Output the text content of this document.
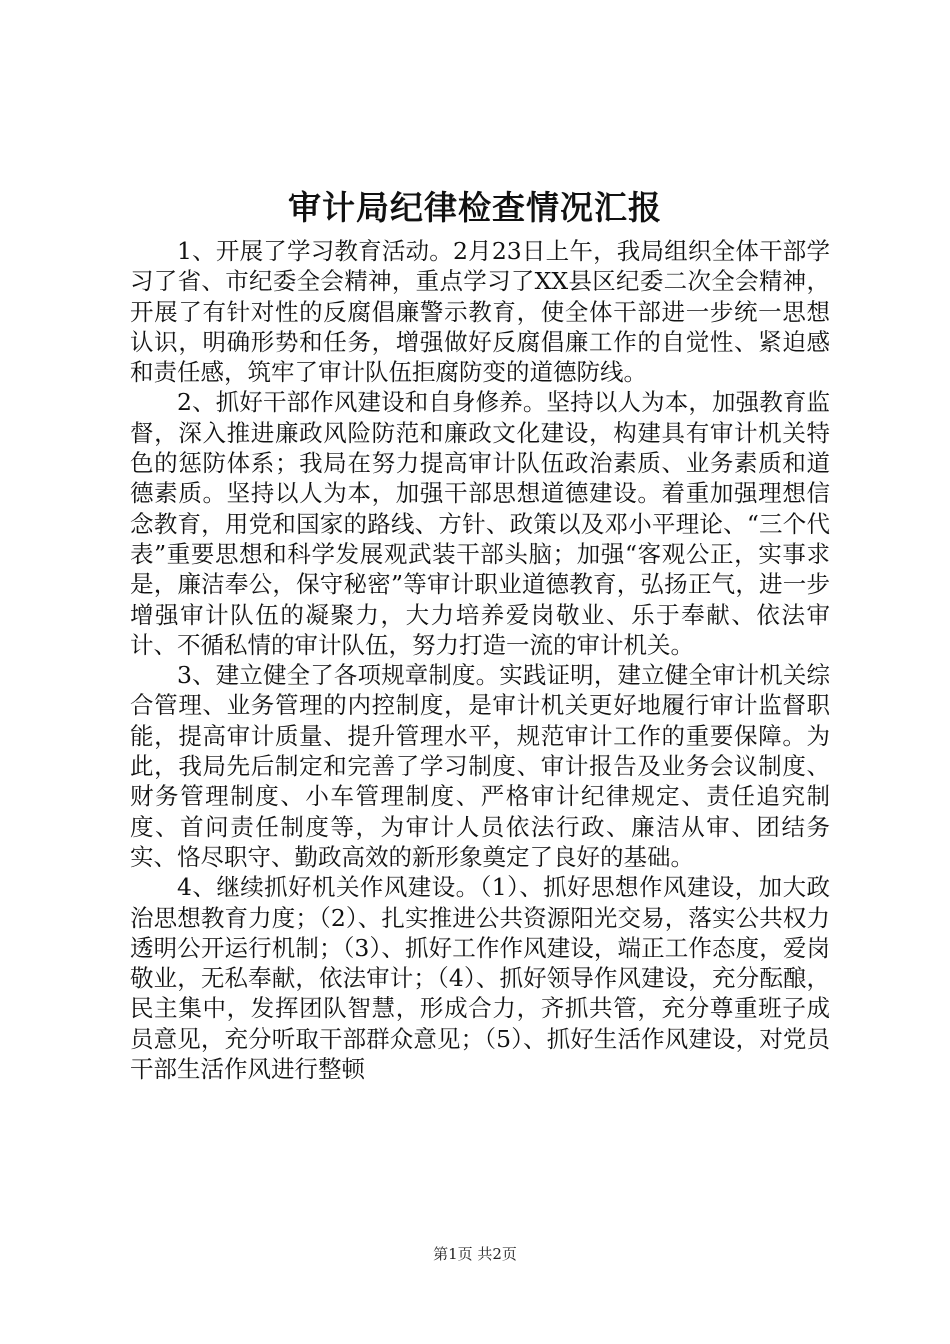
审计局纪律检查情况汇报

1、开展了学习教育活动。2月23日上午，我局组织全体干部学习了省、市纪委全会精神，重点学习了XX县区纪委二次全会精神，开展了有针对性的反腐倡廉警示教育，使全体干部进一步统一思想认识，明确形势和任务，增强做好反腐倡廉工作的自觉性、紧迫感和责任感，筑牢了审计队伍拒腐防变的道德防线。

2、抓好干部作风建设和自身修养。坚持以人为本，加强教育监督，深入推进廉政风险防范和廉政文化建设，构建具有审计机关特色的惩防体系；我局在努力提高审计队伍政治素质、业务素质和道德素质。坚持以人为本，加强干部思想道德建设。着重加强理想信念教育，用党和国家的路线、方针、政策以及邓小平理论、“三个代表”重要思想和科学发展观武装干部头脑；加强“客观公正，实事求是，廉洁奉公，保守秘密”等审计职业道德教育，弘扬正气，进一步增强审计队伍的凝聚力，大力培养爱岗敬业、乐于奉献、依法审计、不循私情的审计队伍，努力打造一流的审计机关。

3、建立健全了各项规章制度。实践证明，建立健全审计机关综合管理、业务管理的内控制度，是审计机关更好地履行审计监督职能，提高审计质量、提升管理水平，规范审计工作的重要保障。为此，我局先后制定和完善了学习制度、审计报告及业务会议制度、财务管理制度、小车管理制度、严格审计纪律规定、责任追究制度、首问责任制度等，为审计人员依法行政、廉洁从审、团结务实、恪尽职守、勤政高效的新形象奠定了良好的基础。

4、继续抓好机关作风建设。（1）、抓好思想作风建设，加大政治思想教育力度；（2）、扎实推进公共资源阳光交易，落实公共权力透明公开运行机制；（3）、抓好工作作风建设，端正工作态度，爱岗敬业，无私奉献，依法审计；（4）、抓好领导作风建设，充分酝酿，民主集中，发挥团队智慧，形成合力，齐抓共管，充分尊重班子成员意见，充分听取干部群众意见；（5）、抓好生活作风建设，对党员干部生活作风进行整顿

第1页 共2页
